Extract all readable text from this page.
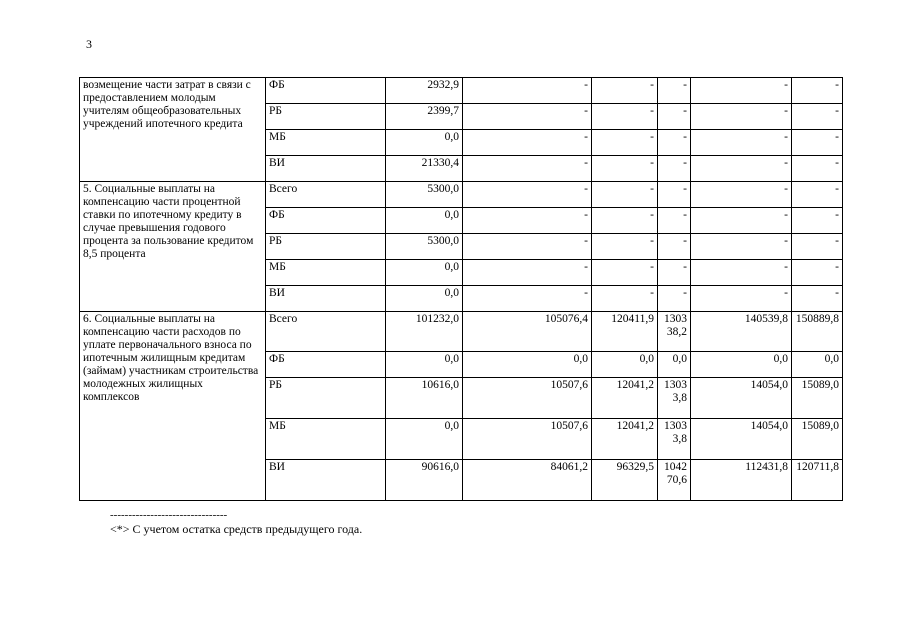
3
возмещение части затрат в связи с предоставлением молодым учителям общеобразовательных учреждений ипотечного кредита	ФБ	2932,9	-	-	-	-	-
	РБ	2399,7	-	-	-	-	-
	МБ	0,0	-	-	-	-	-
	ВИ	21330,4	-	-	-	-	-
5. Социальные выплаты на компенсацию части процентной ставки по ипотечному кредиту в случае превышения годового процента за пользование кредитом 8,5 процента	Всего	5300,0	-	-	-	-	-
	ФБ	0,0	-	-	-	-	-
	РБ	5300,0	-	-	-	-	-
	МБ	0,0	-	-	-	-	-
	ВИ	0,0	-	-	-	-	-
6. Социальные выплаты на компенсацию части расходов по уплате первоначального взноса по ипотечным жилищным кредитам (займам) участникам строительства молодежных жилищных комплексов	Всего	101232,0	105076,4	120411,9	130338,2	140539,8	150889,8
	ФБ	0,0	0,0	0,0	0,0	0,0	0,0
	РБ	10616,0	10507,6	12041,2	13033,8	14054,0	15089,0
	МБ	0,0	10507,6	12041,2	13033,8	14054,0	15089,0
	ВИ	90616,0	84061,2	96329,5	104270,6	112431,8	120711,8
--------------------------------
<*> С учетом остатка средств предыдущего года.
